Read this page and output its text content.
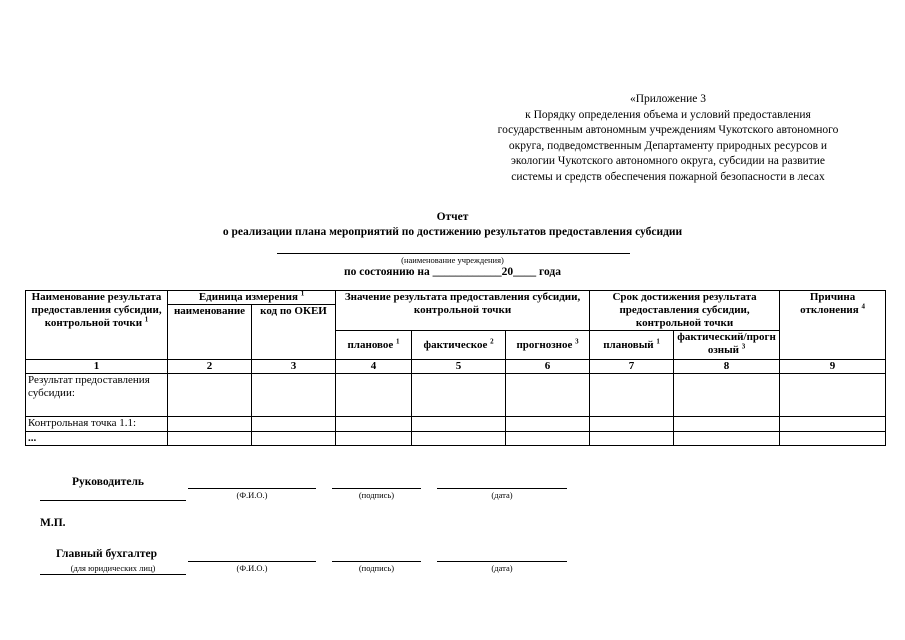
«Приложение 3
к Порядку определения объема и условий предоставления
государственным автономным учреждениям Чукотского автономного
округа, подведомственным Департаменту природных ресурсов и
экологии Чукотского автономного округа, субсидии на развитие
системы и средств обеспечения пожарной безопасности в лесах
Отчет
о реализации плана мероприятий по достижению результатов предоставления субсидии
(наименование учреждения)
по состоянию на ____________20____ года
Наименование результата предоставления субсидии, контрольной точки $^1$	Единица измерения $^1$		Значение результата предоставления субсидии, контрольной точки			Срок достижения результата предоставления субсидии, контрольной точки		Причина отклонения $^4$
	наименование	код по ОКЕИ						
			плановое $^1$	фактическое $^2$	прогнозное $^3$	плановый $^1$	фактический/прогнозный $^3$
1	2	3	4	5	6	7	8	9
Результат предоставления субсидии:								
Контрольная точка 1.1:								
...								
Руководитель
(Ф.И.О.)	(подпись)	(дата)
М.П.
Главный бухгалтер
(для юридических лиц)	(Ф.И.О.)	(подпись)	(дата)
